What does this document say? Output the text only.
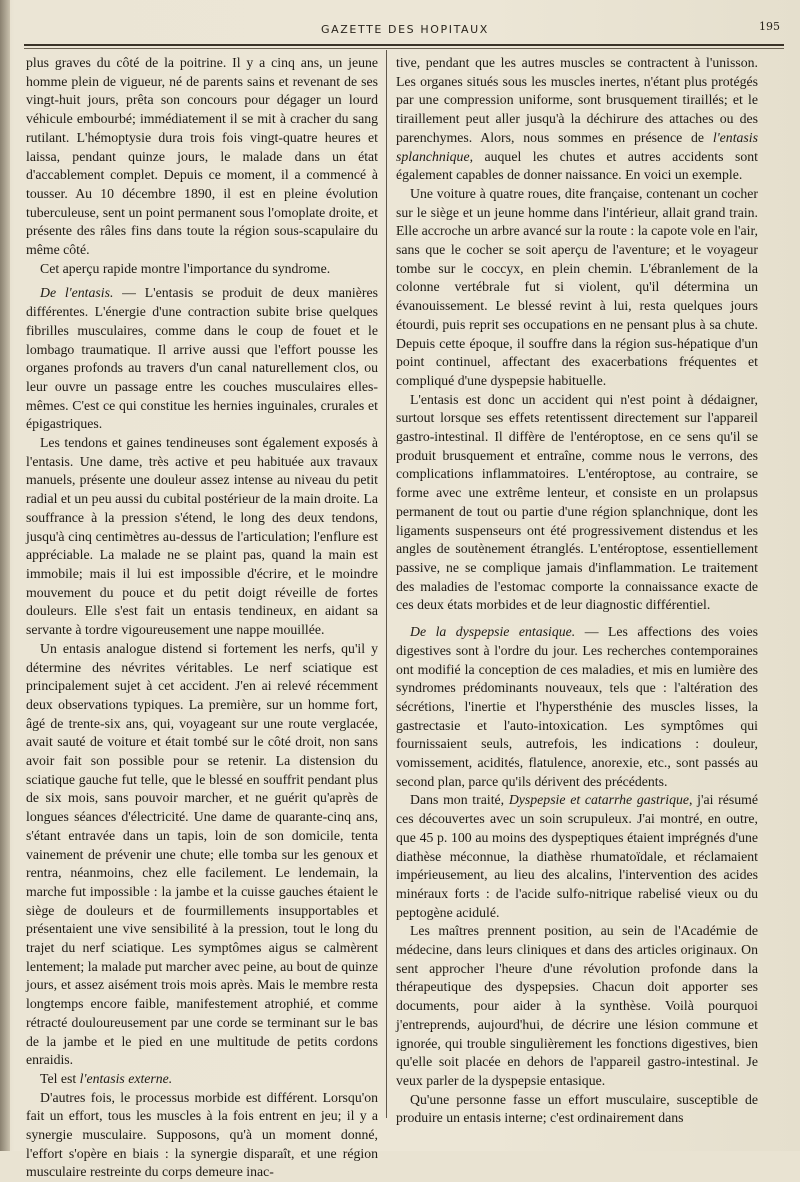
GAZETTE DES HOPITAUX	195

plus graves du côté de la poitrine. Il y a cinq ans, un jeune homme plein de vigueur, né de parents sains et revenant de ses vingt-huit jours, prêta son concours pour dégager un lourd véhicule embourbé; immédiatement il se mit à cracher du sang rutilant. L'hémoptysie dura trois fois vingt-quatre heures et laissa, pendant quinze jours, le malade dans un état d'accablement complet. Depuis ce moment, il a commencé à tousser. Au 10 décembre 1890, il est en pleine évolution tuberculeuse, sent un point permanent sous l'omoplate droite, et présente des râles fins dans toute la région sous-scapulaire du même côté.

Cet aperçu rapide montre l'importance du syndrome.

De l'entasis. — L'entasis se produit de deux manières différentes. L'énergie d'une contraction subite brise quelques fibrilles musculaires, comme dans le coup de fouet et le lombago traumatique. Il arrive aussi que l'effort pousse les organes profonds au travers d'un canal naturellement clos, ou leur ouvre un passage entre les couches musculaires elles-mêmes. C'est ce qui constitue les hernies inguinales, crurales et épigastriques.

Les tendons et gaines tendineuses sont également exposés à l'entasis. Une dame, très active et peu habituée aux travaux manuels, présente une douleur assez intense au niveau du petit radial et un peu aussi du cubital postérieur de la main droite. La souffrance à la pression s'étend, le long des deux tendons, jusqu'à cinq centimètres au-dessus de l'articulation; l'enflure est appréciable. La malade ne se plaint pas, quand la main est immobile; mais il lui est impossible d'écrire, et le moindre mouvement du pouce et du petit doigt réveille de fortes douleurs. Elle s'est fait un entasis tendineux, en aidant sa servante à tordre vigoureusement une nappe mouillée.

Un entasis analogue distend si fortement les nerfs, qu'il y détermine des névrites véritables. Le nerf sciatique est principalement sujet à cet accident. J'en ai relevé récemment deux observations typiques. La première, sur un homme fort, âgé de trente-six ans, qui, voyageant sur une route verglacée, avait sauté de voiture et était tombé sur le côté droit, non sans avoir fait son possible pour se retenir. La distension du sciatique gauche fut telle, que le blessé en souffrit pendant plus de six mois, sans pouvoir marcher, et ne guérit qu'après de longues séances d'électricité. Une dame de quarante-cinq ans, s'étant entravée dans un tapis, loin de son domicile, tenta vainement de prévenir une chute; elle tomba sur les genoux et rentra, néanmoins, chez elle facilement. Le lendemain, la marche fut impossible : la jambe et la cuisse gauches étaient le siège de douleurs et de fourmillements insupportables et présentaient une vive sensibilité à la pression, tout le long du trajet du nerf sciatique. Les symptômes aigus se calmèrent lentement; la malade put marcher avec peine, au bout de quinze jours, et assez aisément trois mois après. Mais le membre resta longtemps encore faible, manifestement atrophié, et comme rétracté douloureusement par une corde se terminant sur le bas de la jambe et le pied en une multitude de petits cordons enraidis.

Tel est l'entasis externe.

D'autres fois, le processus morbide est différent. Lorsqu'on fait un effort, tous les muscles à la fois entrent en jeu; il y a synergie musculaire. Supposons, qu'à un moment donné, l'effort s'opère en biais : la synergie disparaît, et une région musculaire restreinte du corps demeure inac-

tive, pendant que les autres muscles se contractent à l'unisson. Les organes situés sous les muscles inertes, n'étant plus protégés par une compression uniforme, sont brusquement tiraillés; et le tiraillement peut aller jusqu'à la déchirure des attaches ou des parenchymes. Alors, nous sommes en présence de l'entasis splanchnique, auquel les chutes et autres accidents sont également capables de donner naissance. En voici un exemple.

Une voiture à quatre roues, dite française, contenant un cocher sur le siège et un jeune homme dans l'intérieur, allait grand train. Elle accroche un arbre avancé sur la route : la capote vole en l'air, sans que le cocher se soit aperçu de l'aventure; et le voyageur tombe sur le coccyx, en plein chemin. L'ébranlement de la colonne vertébrale fut si violent, qu'il détermina un évanouissement. Le blessé revint à lui, resta quelques jours étourdi, puis reprit ses occupations en ne pensant plus à sa chute. Depuis cette époque, il souffre dans la région sus-hépatique d'un point continuel, affectant des exacerbations fréquentes et compliqué d'une dyspepsie habituelle.

L'entasis est donc un accident qui n'est point à dédaigner, surtout lorsque ses effets retentissent directement sur l'appareil gastro-intestinal. Il diffère de l'entéroptose, en ce sens qu'il se produit brusquement et entraîne, comme nous le verrons, des complications inflammatoires. L'entéroptose, au contraire, se forme avec une extrême lenteur, et consiste en un prolapsus permanent de tout ou partie d'une région splanchnique, dont les ligaments suspenseurs ont été progressivement distendus et les angles de soutènement étranglés. L'entéroptose, essentiellement passive, ne se complique jamais d'inflammation. Le traitement des maladies de l'estomac comporte la connaissance exacte de ces deux états morbides et de leur diagnostic différentiel.

De la dyspepsie entasique. — Les affections des voies digestives sont à l'ordre du jour. Les recherches contemporaines ont modifié la conception de ces maladies, et mis en lumière des syndromes prédominants nouveaux, tels que : l'altération des sécrétions, l'inertie et l'hypersthénie des muscles lisses, la gastrectasie et l'auto-intoxication. Les symptômes qui fournissaient seuls, autrefois, les indications : douleur, vomissement, acidités, flatulence, anorexie, etc., sont passés au second plan, parce qu'ils dérivent des précédents.

Dans mon traité, Dyspepsie et catarrhe gastrique, j'ai résumé ces découvertes avec un soin scrupuleux. J'ai montré, en outre, que 45 p. 100 au moins des dyspeptiques étaient imprégnés d'une diathèse méconnue, la diathèse rhumatoïdale, et réclamaient impérieusement, au lieu des alcalins, l'intervention des acides minéraux forts : de l'acide sulfo-nitrique rabelisé vieux ou du peptogène acidulé.

Les maîtres prennent position, au sein de l'Académie de médecine, dans leurs cliniques et dans des articles originaux. On sent approcher l'heure d'une révolution profonde dans la thérapeutique des dyspepsies. Chacun doit apporter ses documents, pour aider à la synthèse. Voilà pourquoi j'entreprends, aujourd'hui, de décrire une lésion commune et ignorée, qui trouble singulièrement les fonctions digestives, bien qu'elle soit placée en dehors de l'appareil gastro-intestinal. Je veux parler de la dyspepsie entasique.

Qu'une personne fasse un effort musculaire, susceptible de produire un entasis interne; c'est ordinairement dans
